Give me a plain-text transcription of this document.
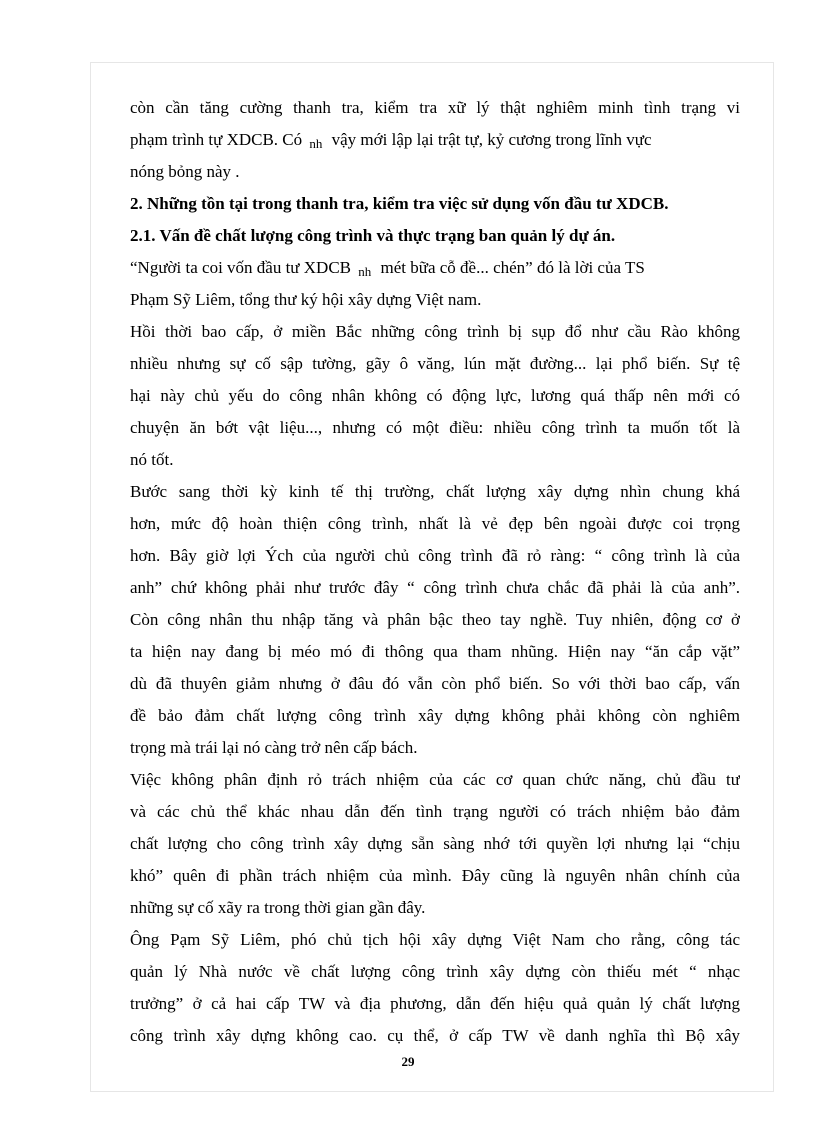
còn cần tăng cường thanh tra, kiểm tra xữ lý thật nghiêm minh tình trạng vi
phạm trình tự XDCB. Có nh vậy mới lập lại trật tự, kỷ cương trong lĩnh vực
nóng bỏng này .
2. Những tồn tại trong thanh tra, kiểm tra việc sử dụng vốn đầu tư XDCB.
2.1. Vấn đề chất lượng công trình và thực trạng ban quản lý dự án.
“Người ta coi vốn đầu tư XDCB nh mét bữa cỗ đề... chén” đó là lời của TS
Phạm Sỹ Liêm, tổng thư ký hội xây dựng Việt nam.
Hồi thời bao cấp, ở miền Bắc những công trình bị sụp đổ như cầu Rào không
nhiều nhưng sự cố sập tường, gãy ô văng, lún mặt đường... lại phổ biến. Sự tệ
hại này chủ yếu do công nhân không có động lực, lương quá thấp nên mới có
chuyện ăn bớt vật liệu..., nhưng có một điều: nhiều công trình ta muốn tốt là
nó tốt.
Bước sang thời kỳ kinh tế thị trường, chất lượng xây dựng nhìn chung khá
hơn, mức độ hoàn thiện công trình, nhất là vẻ đẹp bên ngoài được coi trọng
hơn. Bây giờ lợi Ých của người chủ công trình đã rỏ ràng: “ công trình là của
anh” chứ không phải như trước đây “ công trình chưa chắc đã phải là của anh”.
Còn công nhân thu nhập tăng và phân bậc theo tay nghề. Tuy nhiên, động cơ ở
ta hiện nay đang bị méo mó đi thông qua tham nhũng. Hiện nay “ăn cắp vặt”
dù đã thuyên giảm nhưng ở đâu đó vẫn còn phổ biến. So với thời bao cấp, vấn
đề bảo đảm chất lượng công trình xây dựng không phải không còn nghiêm
trọng mà trái lại nó càng trở nên cấp bách.
Việc không phân định rỏ trách nhiệm của các cơ quan chức năng, chủ đầu tư
và các chủ thể khác nhau dẫn đến tình trạng người có trách nhiệm bảo đảm
chất lượng cho công trình xây dựng sẵn sàng nhớ tới quyền lợi nhưng lại “chịu
khó” quên đi phần trách nhiệm của mình. Đây cũng là nguyên nhân chính của
những sự cố xãy ra trong thời gian gần đây.
Ông Pạm Sỹ Liêm, phó chủ tịch hội xây dựng Việt Nam cho rằng, công tác
quản lý Nhà nước về chất lượng công trình xây dựng còn thiếu mét “ nhạc
trưởng” ở cả hai cấp TW và địa phương, dẫn đến hiệu quả quản lý chất lượng
công trình xây dựng không cao. cụ thể, ở cấp TW về danh nghĩa thì Bộ xây
29
